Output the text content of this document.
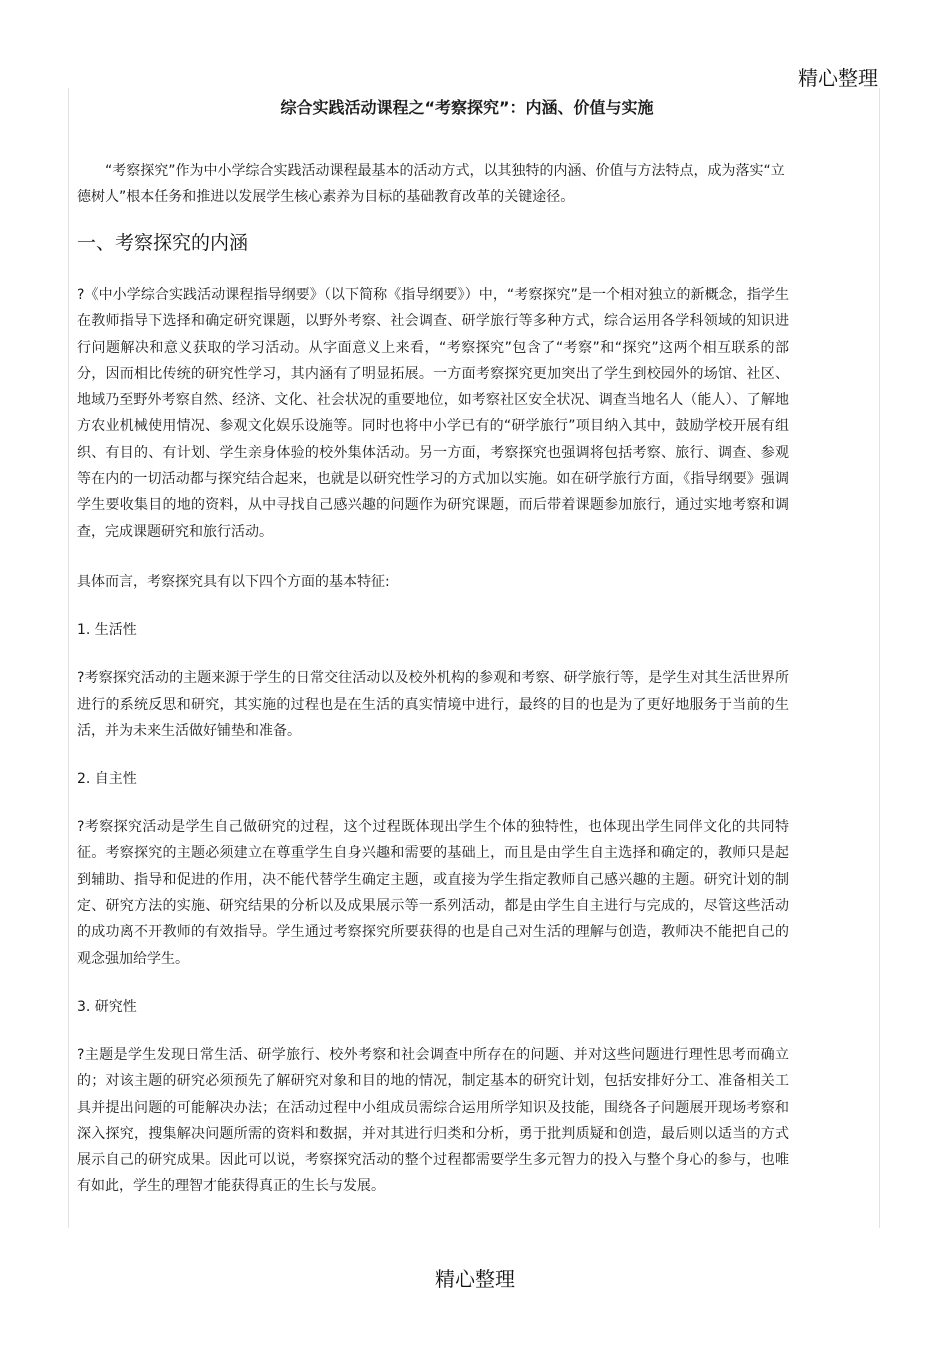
精心整理
综合实践活动课程之“考察探究”：内涵、价值与实施

“考察探究”作为中小学综合实践活动课程最基本的活动方式，以其独特的内涵、价值与方法特点，成为落实“立德树人”根本任务和推进以发展学生核心素养为目标的基础教育改革的关键途径。

一、考察探究的内涵

?《中小学综合实践活动课程指导纲要》（以下简称《指导纲要》）中，“考察探究”是一个相对独立的新概念，指学生在教师指导下选择和确定研究课题，以野外考察、社会调查、研学旅行等多种方式，综合运用各学科领域的知识进行问题解决和意义获取的学习活动。从字面意义上来看，“考察探究”包含了“考察”和“探究”这两个相互联系的部分，因而相比传统的研究性学习，其内涵有了明显拓展。一方面考察探究更加突出了学生到校园外的场馆、社区、地域乃至野外考察自然、经济、文化、社会状况的重要地位，如考察社区安全状况、调查当地名人（能人）、了解地方农业机械使用情况、参观文化娱乐设施等。同时也将中小学已有的“研学旅行”项目纳入其中，鼓励学校开展有组织、有目的、有计划、学生亲身体验的校外集体活动。另一方面，考察探究也强调将包括考察、旅行、调查、参观等在内的一切活动都与探究结合起来，也就是以研究性学习的方式加以实施。如在研学旅行方面，《指导纲要》强调学生要收集目的地的资料，从中寻找自己感兴趣的问题作为研究课题，而后带着课题参加旅行，通过实地考察和调查，完成课题研究和旅行活动。

具体而言，考察探究具有以下四个方面的基本特征:

1. 生活性

?考察探究活动的主题来源于学生的日常交往活动以及校外机构的参观和考察、研学旅行等，是学生对其生活世界所进行的系统反思和研究，其实施的过程也是在生活的真实情境中进行，最终的目的也是为了更好地服务于当前的生活，并为未来生活做好铺垫和准备。

2. 自主性

?考察探究活动是学生自己做研究的过程，这个过程既体现出学生个体的独特性，也体现出学生同伴文化的共同特征。考察探究的主题必须建立在尊重学生自身兴趣和需要的基础上，而且是由学生自主选择和确定的，教师只是起到辅助、指导和促进的作用，决不能代替学生确定主题，或直接为学生指定教师自己感兴趣的主题。研究计划的制定、研究方法的实施、研究结果的分析以及成果展示等一系列活动，都是由学生自主进行与完成的，尽管这些活动的成功离不开教师的有效指导。学生通过考察探究所要获得的也是自己对生活的理解与创造，教师决不能把自己的观念强加给学生。

3. 研究性

?主题是学生发现日常生活、研学旅行、校外考察和社会调查中所存在的问题、并对这些问题进行理性思考而确立的；对该主题的研究必须预先了解研究对象和目的地的情况，制定基本的研究计划，包括安排好分工、准备相关工具并提出问题的可能解决办法；在活动过程中小组成员需综合运用所学知识及技能，围绕各子问题展开现场考察和深入探究，搜集解决问题所需的资料和数据，并对其进行归类和分析，勇于批判质疑和创造，最后则以适当的方式展示自己的研究成果。因此可以说，考察探究活动的整个过程都需要学生多元智力的投入与整个身心的参与，也唯有如此，学生的理智才能获得真正的生长与发展。

精心整理
